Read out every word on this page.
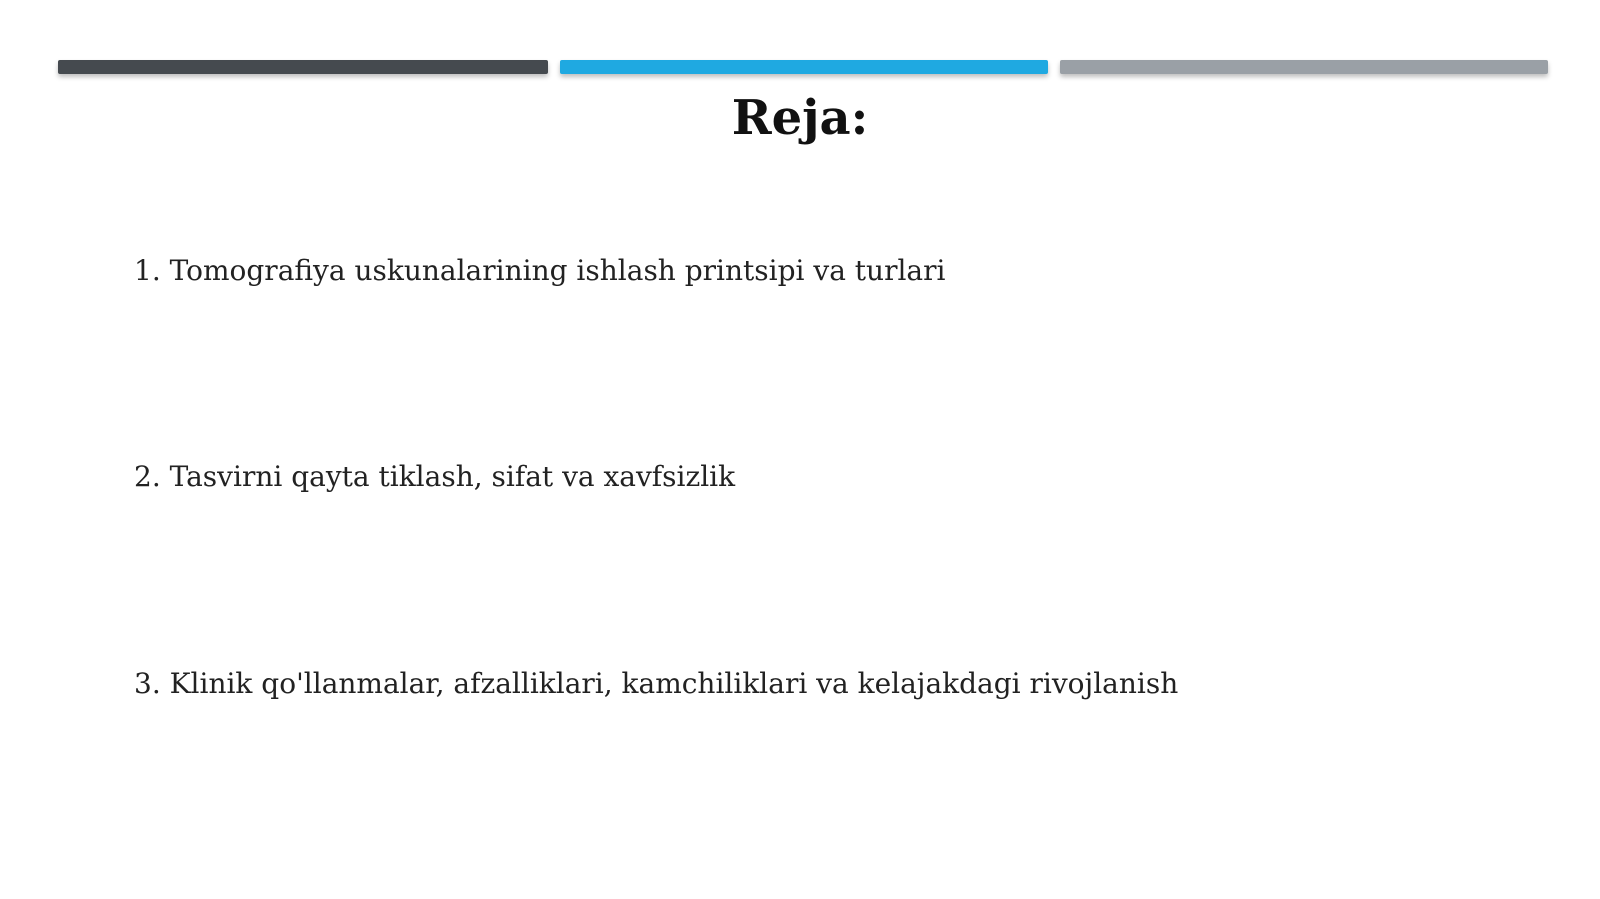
Reja:
1. Tomografiya uskunalarining ishlash printsipi va turlari
2. Tasvirni qayta tiklash, sifat va xavfsizlik
3. Klinik qo'llanmalar, afzalliklari, kamchiliklari va kelajakdagi rivojlanish
